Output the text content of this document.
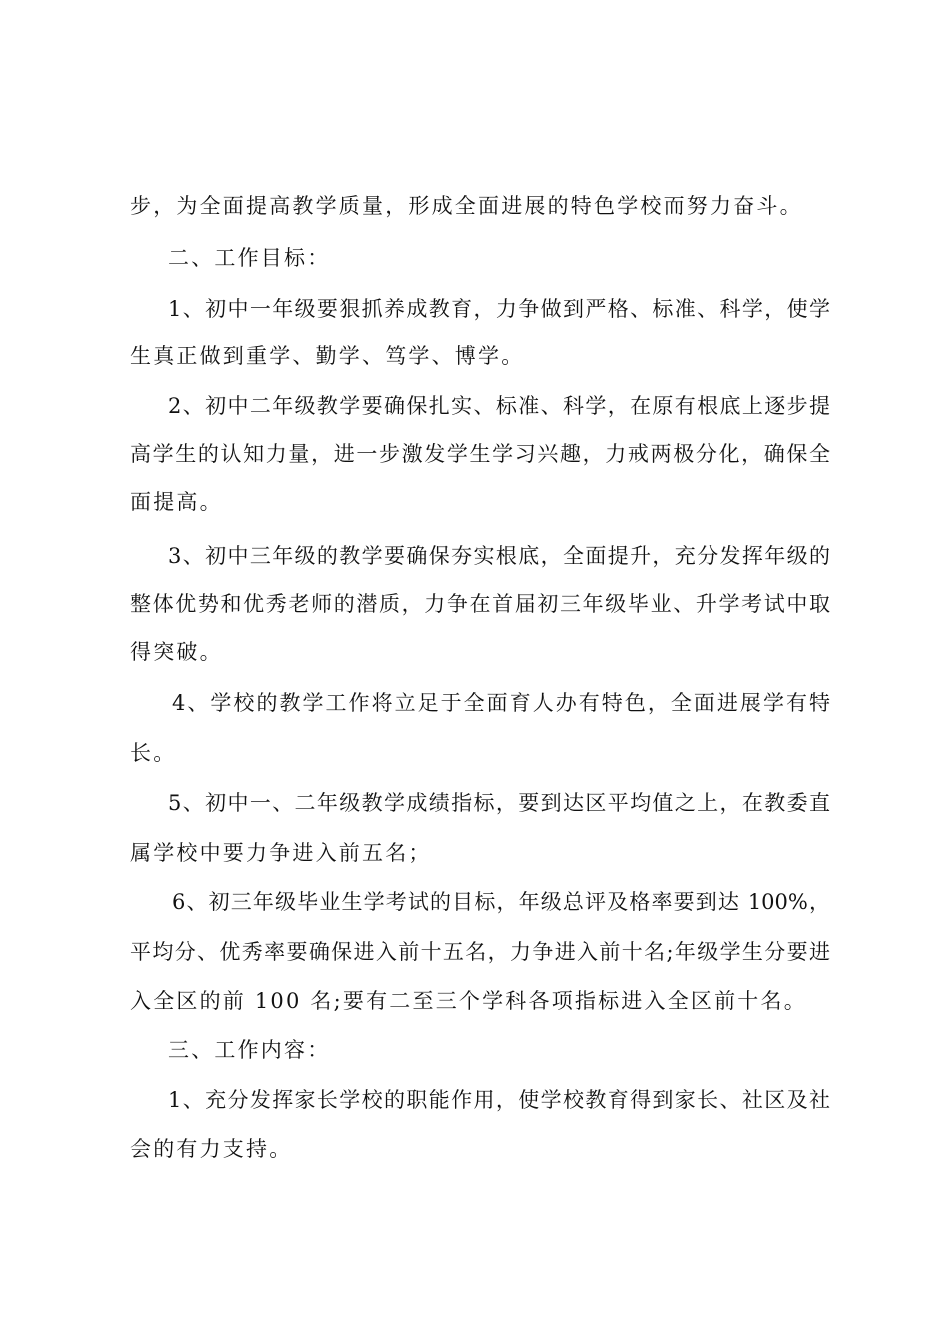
步，为全面提高教学质量，形成全面进展的特色学校而努力奋斗。
二、工作目标：
1、初中一年级要狠抓养成教育，力争做到严格、标准、科学，使学
生真正做到重学、勤学、笃学、博学。
2、初中二年级教学要确保扎实、标准、科学，在原有根底上逐步提
高学生的认知力量，进一步激发学生学习兴趣，力戒两极分化，确保全
面提高。
3、初中三年级的教学要确保夯实根底，全面提升，充分发挥年级的
整体优势和优秀老师的潜质，力争在首届初三年级毕业、升学考试中取
得突破。
4、学校的教学工作将立足于全面育人办有特色，全面进展学有特
长。
5、初中一、二年级教学成绩指标，要到达区平均值之上，在教委直
属学校中要力争进入前五名；
6、初三年级毕业生学考试的目标，年级总评及格率要到达 100%，
平均分、优秀率要确保进入前十五名，力争进入前十名;年级学生分要进
入全区的前 100 名;要有二至三个学科各项指标进入全区前十名。
三、工作内容：
1、充分发挥家长学校的职能作用，使学校教育得到家长、社区及社
会的有力支持。
